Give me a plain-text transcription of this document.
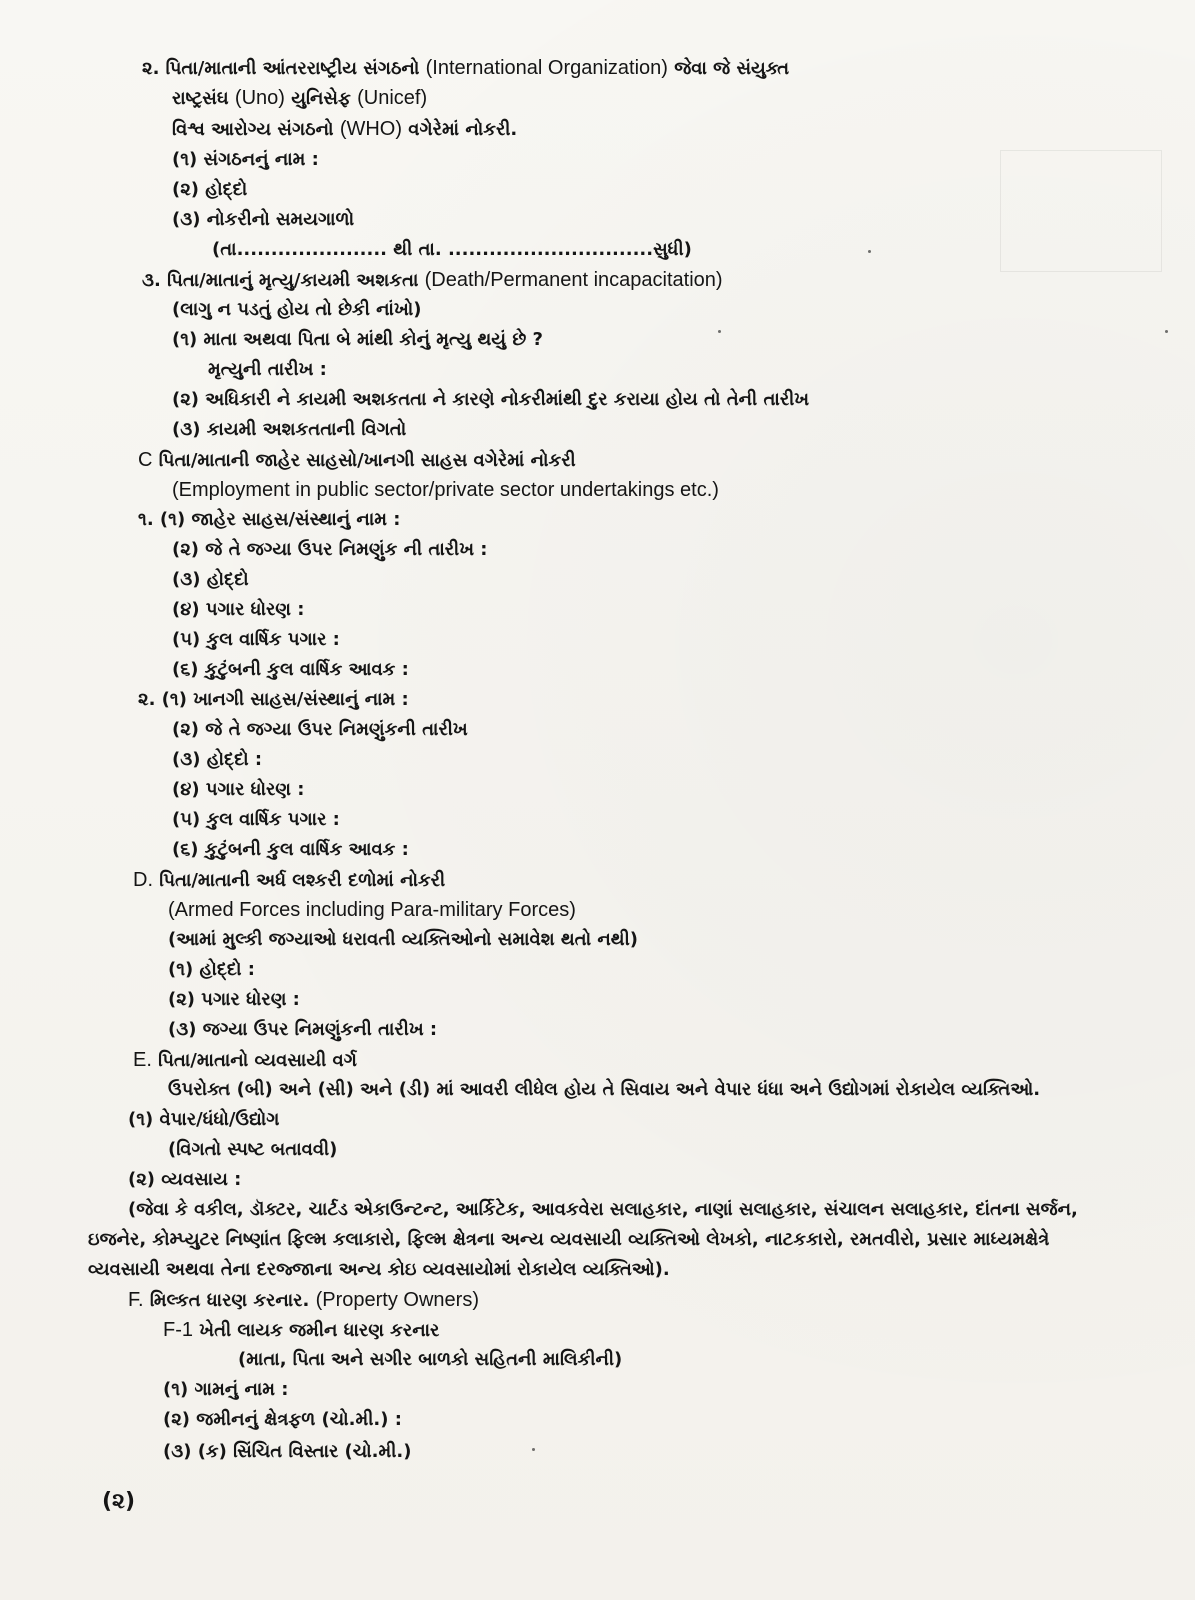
૨. પિતા/માતાની આંતરરાષ્ટ્રીય સંગઠનો (International Organization) જેવા જે સંયુક્ત
રાષ્ટ્રસંઘ (Uno) યુનિસેફ (Unicef)
વિશ્વ આરોગ્ય સંગઠનો (WHO) વગેરેમાં નોકરી.
(૧) સંગઠનનું નામ :
(૨) હોદ્દો
(૩) નોકરીનો સમયગાળો
(તા...................... થી તા. ..............................સુધી)
૩. પિતા/માતાનું મૃત્યુ/કાયમી અશકતા (Death/Permanent incapacitation)
(લાગુ ન પડતું હોય તો છેકી નાંખો)
(૧) માતા અથવા પિતા બે માંથી કોનું મૃત્યુ થયું છે ?
મૃત્યુની તારીખ :
(૨) અધિકારી ને કાયમી અશકતતા ને કારણે નોકરીમાંથી દુર કરાયા હોય તો તેની તારીખ
(૩) કાયમી અશકતતાની વિગતો
C પિતા/માતાની જાહેર સાહસો/ખાનગી સાહસ વગેરેમાં નોકરી
(Employment in public sector/private sector undertakings etc.)
૧. (૧) જાહેર સાહસ/સંસ્થાનું નામ :
(૨) જે તે જગ્યા ઉપર નિમણુંક ની તારીખ :
(૩) હોદ્દો
(૪) પગાર ધોરણ :
(૫) કુલ વાર્ષિક પગાર :
(૬) કુટુંબની કુલ વાર્ષિક આવક :
૨. (૧) ખાનગી સાહસ/સંસ્થાનું નામ :
(૨) જે તે જગ્યા ઉપર નિમણુંકની તારીખ
(૩) હોદ્દો :
(૪) પગાર ધોરણ :
(૫) કુલ વાર્ષિક પગાર :
(૬) કુટુંબની કુલ વાર્ષિક આવક :
D. પિતા/માતાની અર્ધ લશ્કરી દળોમાં નોકરી
(Armed Forces including Para-military Forces)
(આમાં મુલ્કી જગ્યાઓ ધરાવતી વ્યક્તિઓનો સમાવેશ થતો નથી)
(૧) હોદ્દો :
(૨) પગાર ધોરણ :
(૩) જગ્યા ઉપર નિમણુંકની તારીખ :
E. પિતા/માતાનો વ્યવસાયી વર્ગ
ઉપરોક્ત (બી) અને (સી) અને (ડી) માં આવરી લીધેલ હોય તે સિવાય અને વેપાર ધંધા અને ઉદ્યોગમાં રોકાયેલ વ્યક્તિઓ.
(૧) વેપાર/ધંધો/ઉદ્યોગ
(વિગતો સ્પષ્ટ બતાવવી)
(૨) વ્યવસાય :
(જેવા કે વકીલ, ડૉક્ટર, ચાર્ટડ એકાઉન્ટન્ટ, આર્કિટેક, આવકવેરા સલાહકાર, નાણાં સલાહકાર, સંચાલન સલાહકાર, દાંતના સર્જન,
ઇજનેર, કોમ્પ્યુટર નિષ્ણાંત ફિલ્મ કલાકારો, ફિલ્મ ક્ષેત્રના અન્ય વ્યવસાયી વ્યક્તિઓ લેખકો, નાટકકારો, રમતવીરો, પ્રસાર માધ્યમક્ષેત્રે
વ્યવસાયી અથવા તેના દરજ્જાના અન્ય કોઇ વ્યવસાયોમાં રોકાયેલ વ્યક્તિઓ).
F. મિલ્કત ધારણ કરનાર. (Property Owners)
F-1 ખેતી લાયક જમીન ધારણ કરનાર
(માતા, પિતા અને સગીર બાળકો સહિતની માલિકીની)
(૧) ગામનું નામ :
(૨) જમીનનું ક્ષેત્રફળ (ચો.મી.) :
(૩) (ક) સિંચિત વિસ્તાર (ચો.મી.)
(૨)
